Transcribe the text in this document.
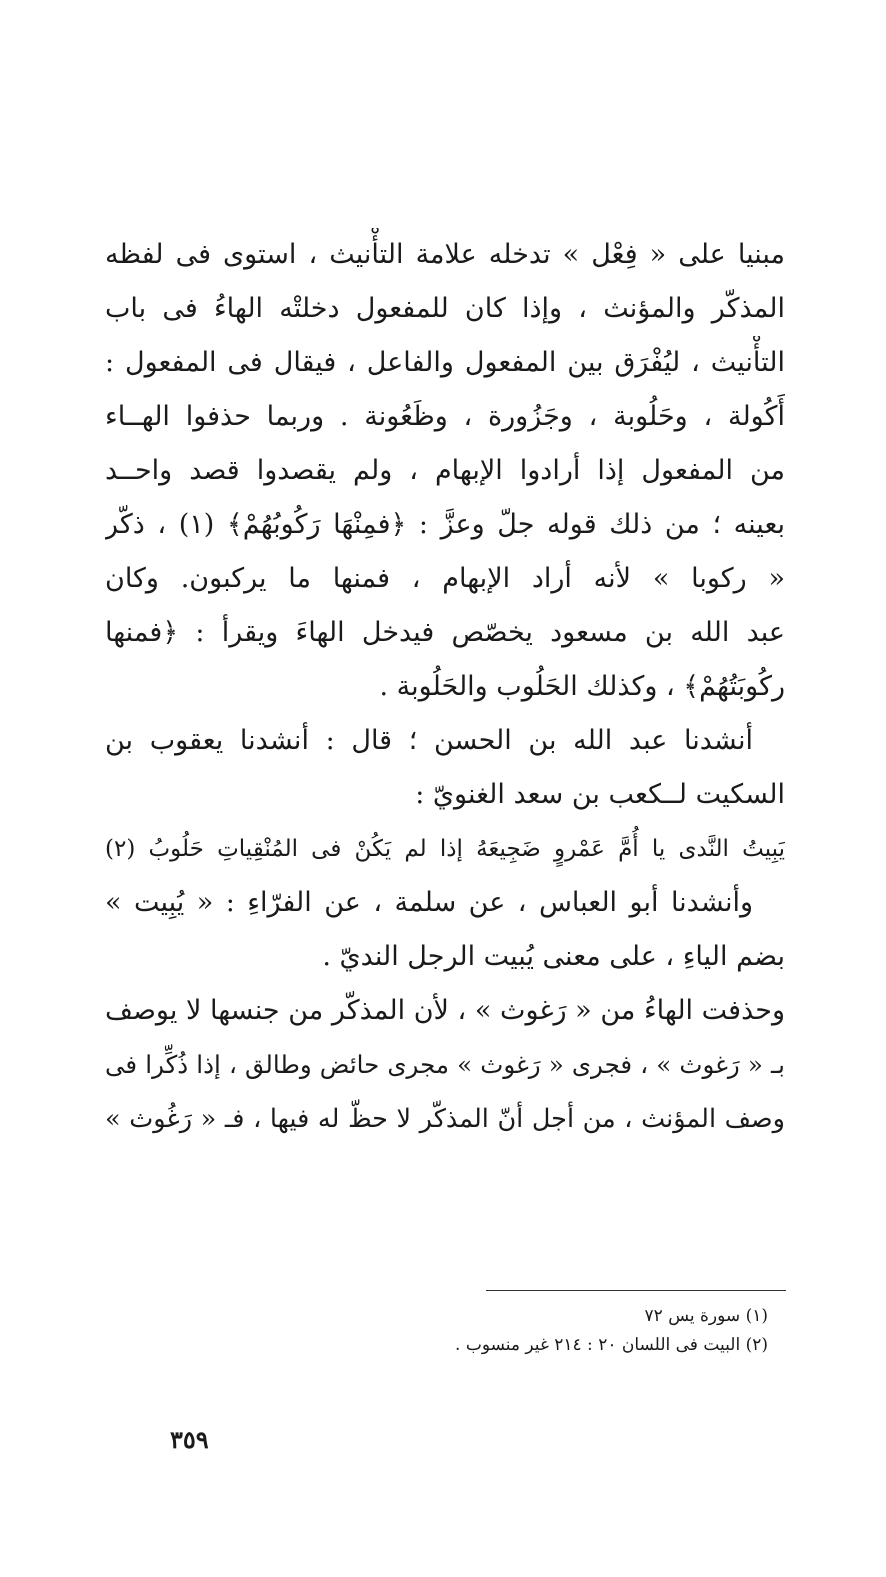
مبنيا على « فِعْل » تدخله علامة التأْنيث ، استوى فى لفظه
المذكّر والمؤنث ، وإذا كان للمفعول دخلتْه الهاءُ فى باب
التأْنيث ، ليُفْرَق بين المفعول والفاعل ، فيقال فى المفعول :
أَكُولة ، وحَلُوبة ، وجَزُورة ، وظَعُونة . وربما حذفوا الهــاء
من المفعول إذا أرادوا الإبهام ، ولم يقصدوا قصد واحــد
بعينه ؛ من ذلك قوله جلّ وعزَّ : ﴿فمِنْهَا رَكُوبُهُمْ﴾ (١) ، ذكّر
« ركوبا » لأنه أراد الإبهام ، فمنها ما يركبون. وكان
عبد الله بن مسعود يخصّص فيدخل الهاءَ ويقرأ : ﴿فمنها
ركُوبَتُهُمْ﴾ ، وكذلك الحَلُوب والحَلُوبة .
أنشدنا عبد الله بن الحسن ؛ قال : أنشدنا يعقوب بن
السكيت لــكعب بن سعد الغنويّ :
يَبِيتُ النَّدى يا أُمَّ عَمْروٍ ضَجِيعَهُ إذا لم يَكُنْ فى المُنْقِياتِ حَلُوبُ (٢)
وأنشدنا أبو العباس ، عن سلمة ، عن الفرّاءِ : « يُبِيت »
بضم الياءِ ، على معنى يُبيت الرجل النديّ .
وحذفت الهاءُ من « رَغوث » ، لأن المذكّر من جنسها لا يوصف
بـ « رَغوث » ، فجرى « رَغوث » مجرى حائض وطالق ، إذا ذُكِّرا فى
وصف المؤنث ، من أجل أنّ المذكّر لا حظّ له فيها ، فـ « رَغُوث »
(١) سورة يس ٧٢
(٢) البيت فى اللسان ٢٠ : ٢١٤ غير منسوب .
٣٥٩
